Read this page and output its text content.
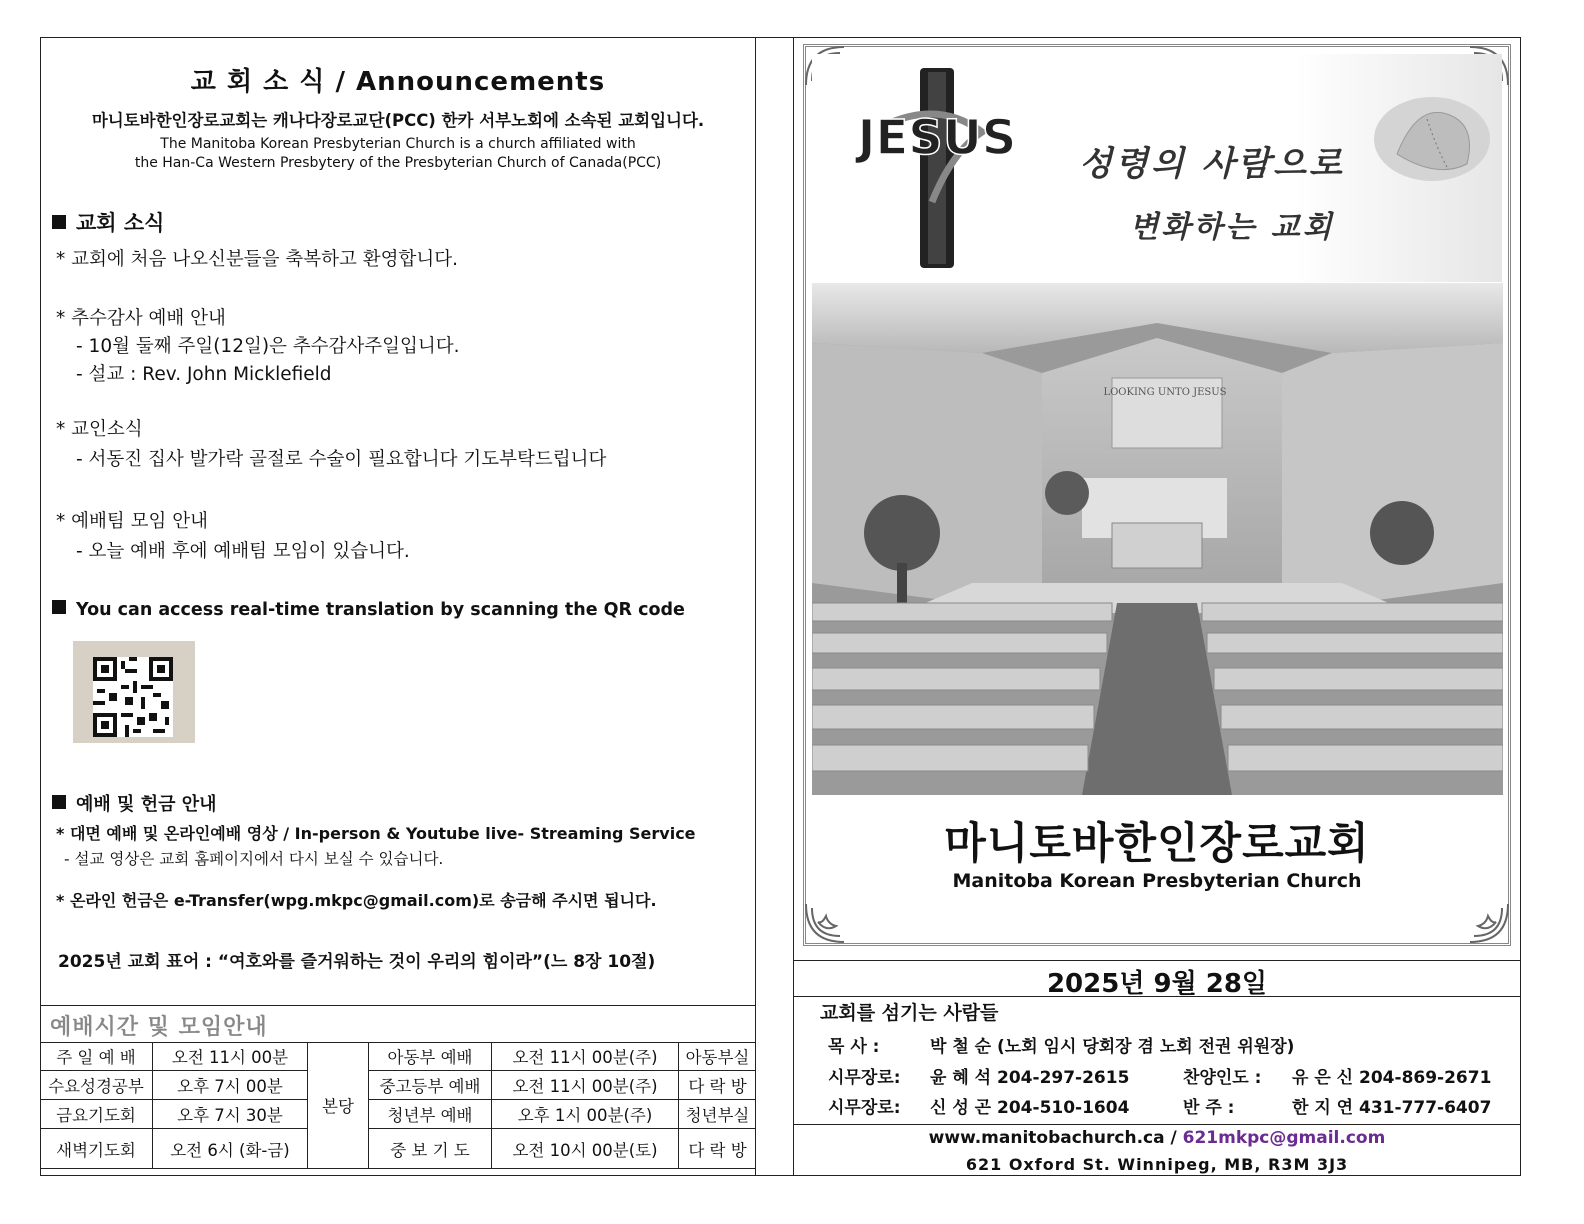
교 회 소 식 / Announcements
마니토바한인장로교회는 캐나다장로교단(PCC) 한카 서부노회에 소속된 교회입니다.
The Manitoba Korean Presbyterian Church is a church affiliated with
the Han-Ca Western Presbytery of the Presbyterian Church of Canada(PCC)
교회 소식
* 교회에 처음 나오신분들을 축복하고 환영합니다.
* 추수감사 예배 안내
- 10월 둘째 주일(12일)은 추수감사주일입니다.
- 설교 : Rev. John Micklefield
* 교인소식
- 서동진 집사 발가락 골절로 수술이 필요합니다 기도부탁드립니다
* 예배팀 모임 안내
- 오늘 예배 후에 예배팀 모임이 있습니다.
You can access real-time translation by scanning the QR code
예배 및 헌금 안내
* 대면 예배 및 온라인예배 영상 / In-person & Youtube live- Streaming Service
- 설교 영상은 교회 홈페이지에서 다시 보실 수 있습니다.
* 온라인 헌금은 e-Transfer(wpg.mkpc@gmail.com)로 송금해 주시면 됩니다.
2025년 교회 표어 : “여호와를 즐거워하는 것이 우리의 힘이라”(느 8장 10절)
예배시간 및 모임안내
주 일 예 배	오전 11시 00분	본당	아동부 예배	오전 11시 00분(주)	아동부실
수요성경공부	오후 7시 00분		중고등부 예배	오전 11시 00분(주)	다 락 방
금요기도회	오후 7시 30분		청년부 예배	오후 1시 00분(주)	청년부실
새벽기도회	오전 6시 (화-금)		중 보 기 도	오전 10시 00분(토)	다 락 방
JESUS	성령의 사람으로
변화하는 교회
LOOKING UNTO JESUS
마니토바한인장로교회
Manitoba Korean Presbyterian Church
2025년 9월 28일
교회를 섬기는 사람들
목 사 :	박 철 순 (노회 임시 당회장 겸 노회 전권 위원장)
시무장로: 윤 혜 석 204-297-2615	찬양인도 : 유 은 신 204-869-2671
시무장로: 신 성 곤 204-510-1604	반 주 :	한 지 연 431-777-6407
www.manitobachurch.ca / 621mkpc@gmail.com
621 Oxford St. Winnipeg, MB, R3M 3J3
